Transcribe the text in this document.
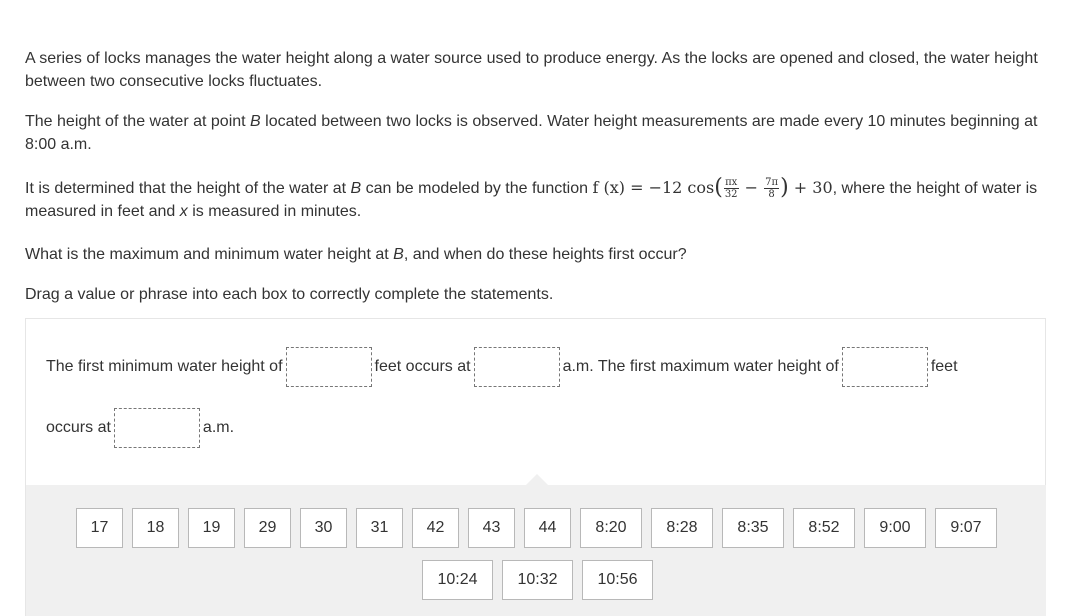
A series of locks manages the water height along a water source used to produce energy. As the locks are opened and closed, the water height between two consecutive locks fluctuates.

The height of the water at point B located between two locks is observed. Water height measurements are made every 10 minutes beginning at 8:00 a.m.

It is determined that the height of the water at B can be modeled by the function f (x) = −12 $\cos( \frac{\pi x}{32} - \frac{7\pi}{8}$ ) + 30, where the height of water is measured in feet and x is measured in minutes.

What is the maximum and minimum water height at B, and when do these heights first occur?

Drag a value or phrase into each box to correctly complete the statements.

The first minimum water height of	feet occurs at	a.m. The first maximum water height of	feet
occurs at	a.m.
17	18	19	29	30	31	42	43	44	8:20	8:28	8:35	8:52	9:00	9:07
10:24	10:32	10:56
